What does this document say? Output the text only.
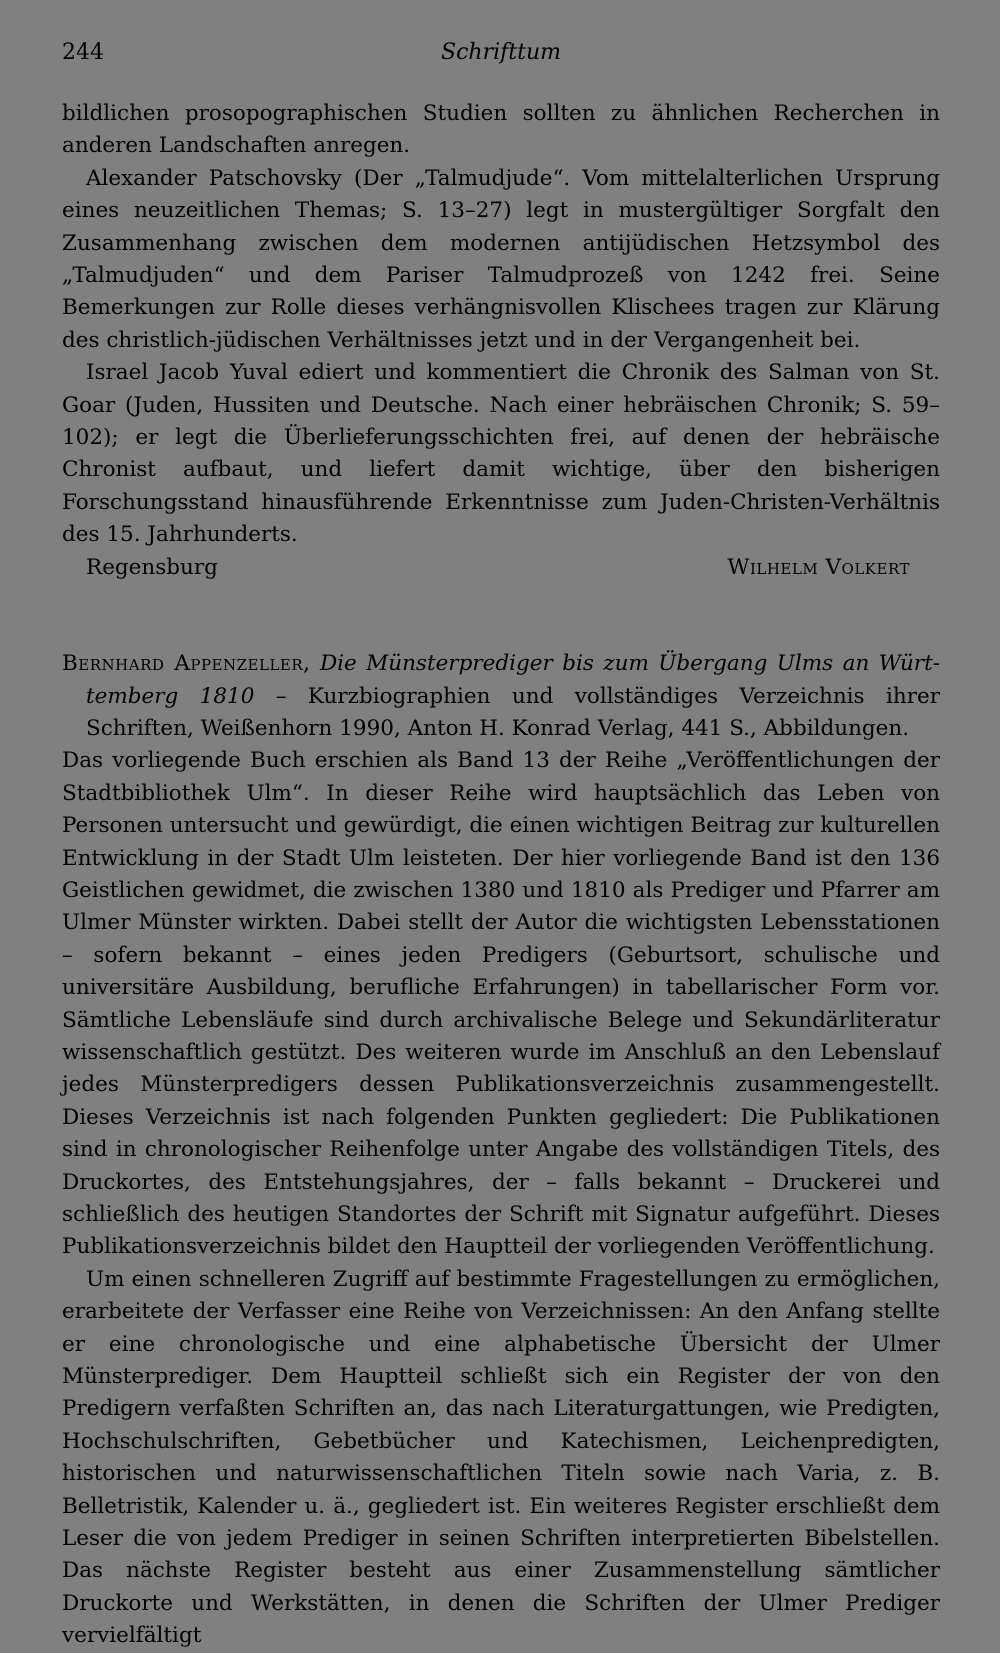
244	Schrifttum

bildlichen prosopographischen Studien sollten zu ähnlichen Recherchen in anderen Landschaften anregen.

Alexander Patschovsky (Der „Talmudjude“. Vom mittelalterlichen Ursprung eines neuzeitlichen Themas; S. 13–27) legt in mustergültiger Sorgfalt den Zusammenhang zwischen dem modernen antijüdischen Hetzsymbol des „Talmudjuden“ und dem Pariser Talmudprozeß von 1242 frei. Seine Bemerkungen zur Rolle dieses verhängnisvollen Klischees tragen zur Klärung des christlich-jüdischen Verhältnisses jetzt und in der Vergangenheit bei.

Israel Jacob Yuval ediert und kommentiert die Chronik des Salman von St. Goar (Juden, Hussiten und Deutsche. Nach einer hebräischen Chronik; S. 59–102); er legt die Überlieferungsschichten frei, auf denen der hebräische Chronist aufbaut, und liefert damit wichtige, über den bisherigen Forschungsstand hinausführende Erkenntnisse zum Juden-Christen-Verhältnis des 15. Jahrhunderts.

Regensburg	Wilhelm Volkert

Bernhard Appenzeller, Die Münsterprediger bis zum Übergang Ulms an Württemberg 1810 – Kurzbiographien und vollständiges Verzeichnis ihrer Schriften, Weißenhorn 1990, Anton H. Konrad Verlag, 441 S., Abbildungen.

Das vorliegende Buch erschien als Band 13 der Reihe „Veröffentlichungen der Stadtbibliothek Ulm“. In dieser Reihe wird hauptsächlich das Leben von Personen untersucht und gewürdigt, die einen wichtigen Beitrag zur kulturellen Entwicklung in der Stadt Ulm leisteten. Der hier vorliegende Band ist den 136 Geistlichen gewidmet, die zwischen 1380 und 1810 als Prediger und Pfarrer am Ulmer Münster wirkten. Dabei stellt der Autor die wichtigsten Lebensstationen – sofern bekannt – eines jeden Predigers (Geburtsort, schulische und universitäre Ausbildung, berufliche Erfahrungen) in tabellarischer Form vor. Sämtliche Lebensläufe sind durch archivalische Belege und Sekundärliteratur wissenschaftlich gestützt. Des weiteren wurde im Anschluß an den Lebenslauf jedes Münsterpredigers dessen Publikationsverzeichnis zusammengestellt. Dieses Verzeichnis ist nach folgenden Punkten gegliedert: Die Publikationen sind in chronologischer Reihenfolge unter Angabe des vollständigen Titels, des Druckortes, des Entstehungsjahres, der – falls bekannt – Druckerei und schließlich des heutigen Standortes der Schrift mit Signatur aufgeführt. Dieses Publikationsverzeichnis bildet den Hauptteil der vorliegenden Veröffentlichung.

Um einen schnelleren Zugriff auf bestimmte Fragestellungen zu ermöglichen, erarbeitete der Verfasser eine Reihe von Verzeichnissen: An den Anfang stellte er eine chronologische und eine alphabetische Übersicht der Ulmer Münsterprediger. Dem Hauptteil schließt sich ein Register der von den Predigern verfaßten Schriften an, das nach Literaturgattungen, wie Predigten, Hochschulschriften, Gebetbücher und Katechismen, Leichenpredigten, historischen und naturwissenschaftlichen Titeln sowie nach Varia, z. B. Belletristik, Kalender u. ä., gegliedert ist. Ein weiteres Register erschließt dem Leser die von jedem Prediger in seinen Schriften interpretierten Bibelstellen. Das nächste Register besteht aus einer Zusammenstellung sämtlicher Druckorte und Werkstätten, in denen die Schriften der Ulmer Prediger vervielfältigt
